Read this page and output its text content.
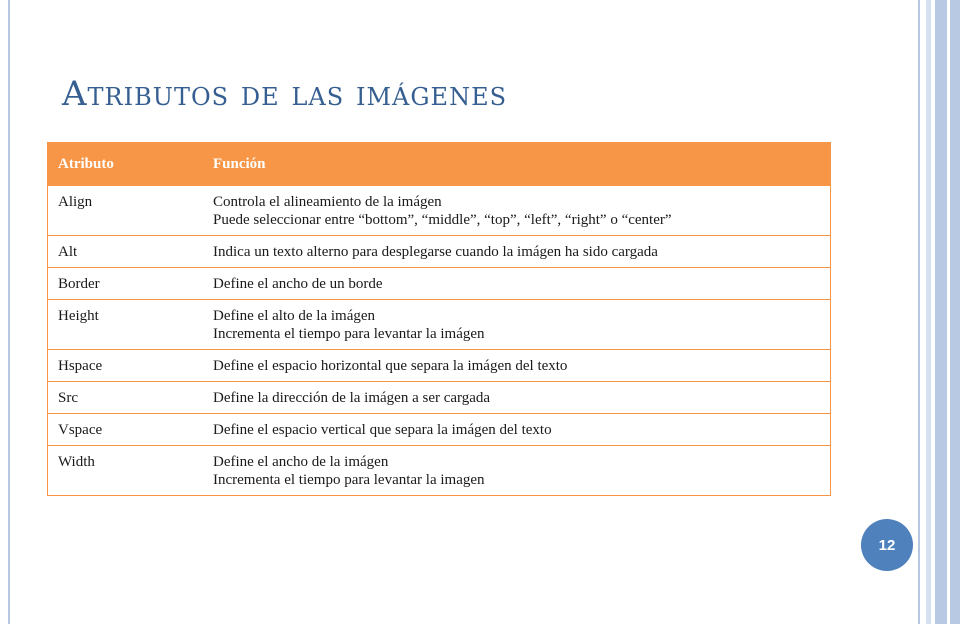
Atributos de las imágenes
Atributo	Función
Align	Controla el alineamiento de la imágen
Puede seleccionar entre “bottom”, “middle”, “top”, “left”, “right” o “center”

Alt	Indica un texto alterno para desplegarse cuando la imágen ha sido cargada

Border	Define el ancho de un borde

Height	Define el alto de la imágen
Incrementa el tiempo para levantar la imágen

Hspace	Define el espacio horizontal que separa la imágen del texto

Src	Define la dirección de la imágen a ser cargada

Vspace	Define el espacio vertical que separa la imágen del texto

Width	Define el ancho de la imágen
Incrementa el tiempo para levantar la imagen
12
